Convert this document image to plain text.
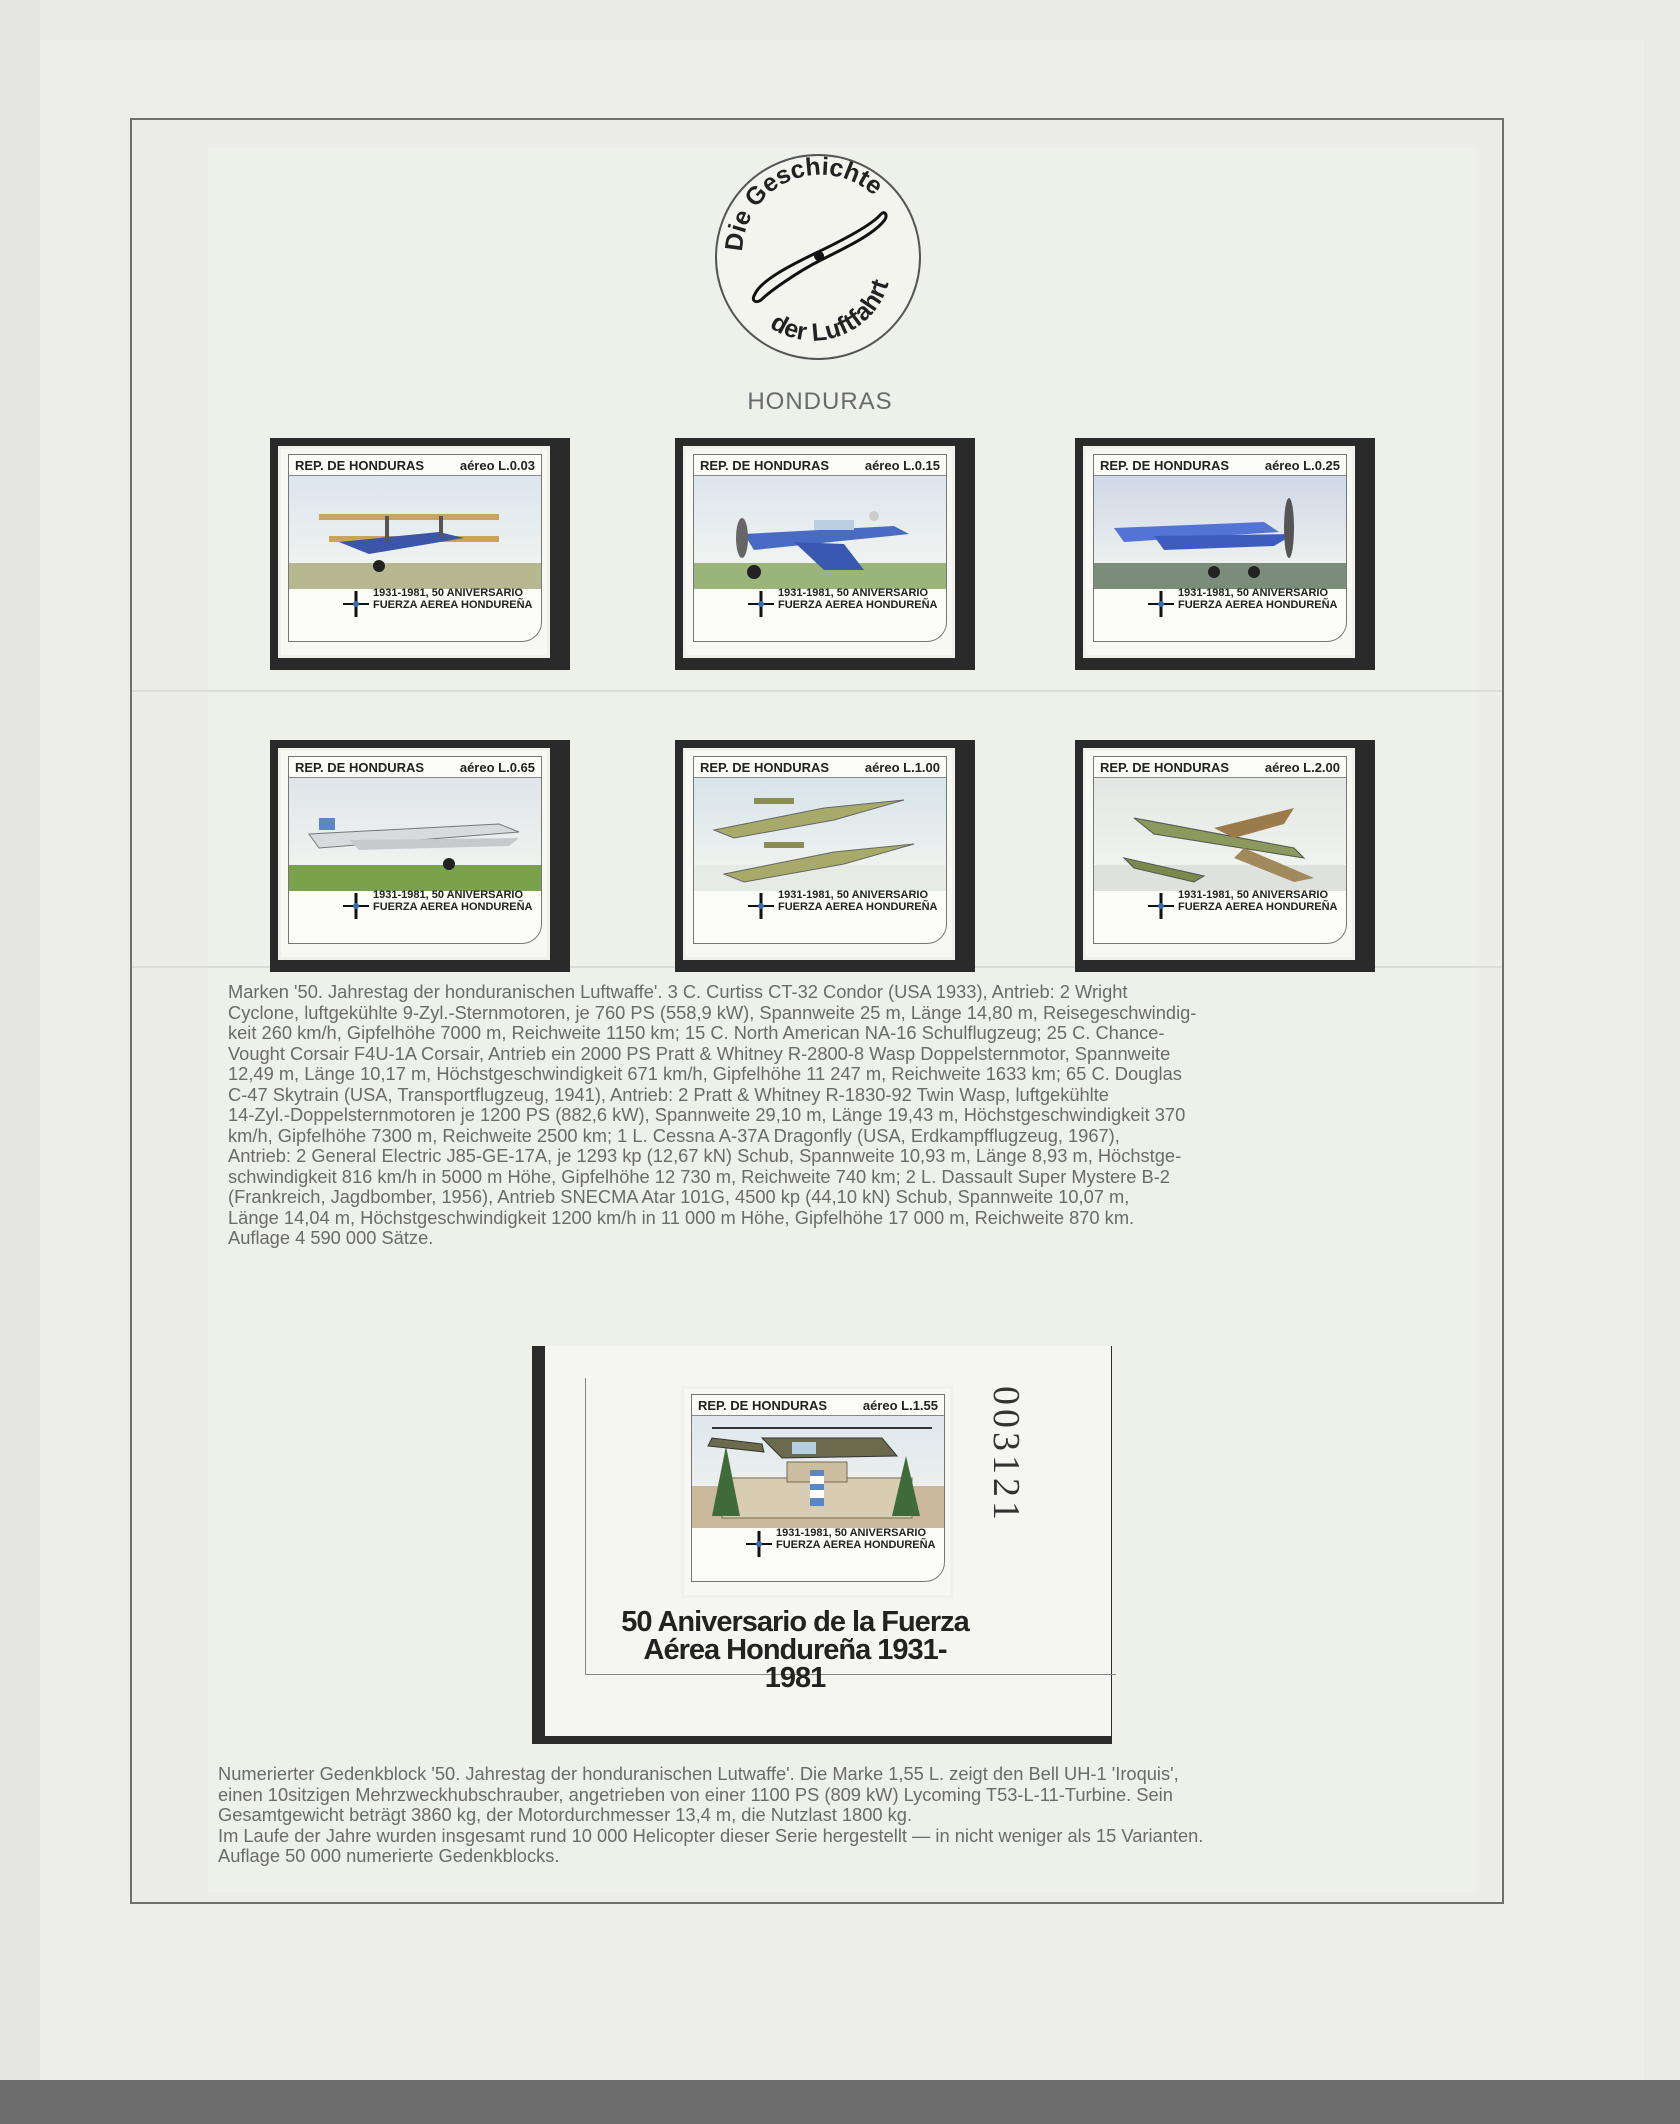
Die Geschichte
der Luftfahrt
HONDURAS
REP. DE HONDURAS	aéreo L.0.03
1931-1981, 50 ANIVERSARIO
FUERZA AEREA HONDUREÑA
REP. DE HONDURAS	aéreo L.0.15
1931-1981, 50 ANIVERSARIO
FUERZA AEREA HONDUREÑA
REP. DE HONDURAS	aéreo L.0.25
1931-1981, 50 ANIVERSARIO
FUERZA AEREA HONDUREÑA
REP. DE HONDURAS	aéreo L.0.65
1931-1981, 50 ANIVERSARIO
FUERZA AEREA HONDUREÑA
REP. DE HONDURAS	aéreo L.1.00
1931-1981, 50 ANIVERSARIO
FUERZA AEREA HONDUREÑA
REP. DE HONDURAS	aéreo L.2.00
1931-1981, 50 ANIVERSARIO
FUERZA AEREA HONDUREÑA
Marken '50. Jahrestag der honduranischen Luftwaffe'. 3 C. Curtiss CT-32 Condor (USA 1933), Antrieb: 2 Wright
Cyclone, luftgekühlte 9-Zyl.-Sternmotoren, je 760 PS (558,9 kW), Spannweite 25 m, Länge 14,80 m, Reisegeschwindig-
keit 260 km/h, Gipfelhöhe 7000 m, Reichweite 1150 km; 15 C. North American NA-16 Schulflugzeug; 25 C. Chance-
Vought Corsair F4U-1A Corsair, Antrieb ein 2000 PS Pratt & Whitney R-2800-8 Wasp Doppelsternmotor, Spannweite
12,49 m, Länge 10,17 m, Höchstgeschwindigkeit 671 km/h, Gipfelhöhe 11 247 m, Reichweite 1633 km; 65 C. Douglas
C-47 Skytrain (USA, Transportflugzeug, 1941), Antrieb: 2 Pratt & Whitney R-1830-92 Twin Wasp, luftgekühlte
14-Zyl.-Doppelsternmotoren je 1200 PS (882,6 kW), Spannweite 29,10 m, Länge 19,43 m, Höchstgeschwindigkeit 370
km/h, Gipfelhöhe 7300 m, Reichweite 2500 km; 1 L. Cessna A-37A Dragonfly (USA, Erdkampfflugzeug, 1967),
Antrieb: 2 General Electric J85-GE-17A, je 1293 kp (12,67 kN) Schub, Spannweite 10,93 m, Länge 8,93 m, Höchstge-
schwindigkeit 816 km/h in 5000 m Höhe, Gipfelhöhe 12 730 m, Reichweite 740 km; 2 L. Dassault Super Mystere B-2
(Frankreich, Jagdbomber, 1956), Antrieb SNECMA Atar 101G, 4500 kp (44,10 kN) Schub, Spannweite 10,07 m,
Länge 14,04 m, Höchstgeschwindigkeit 1200 km/h in 11 000 m Höhe, Gipfelhöhe 17 000 m, Reichweite 870 km.
Auflage 4 590 000 Sätze.
REP. DE HONDURAS	aéreo L.1.55
1931-1981, 50 ANIVERSARIO
FUERZA AEREA HONDUREÑA
003121
50 Aniversario de la Fuerza
Aérea Hondureña 1931-1981
Numerierter Gedenkblock '50. Jahrestag der honduranischen Lutwaffe'. Die Marke 1,55 L. zeigt den Bell UH-1 'Iroquis',
einen 10sitzigen Mehrzweckhubschrauber, angetrieben von einer 1100 PS (809 kW) Lycoming T53-L-11-Turbine. Sein
Gesamtgewicht beträgt 3860 kg, der Motordurchmesser 13,4 m, die Nutzlast 1800 kg.
Im Laufe der Jahre wurden insgesamt rund 10 000 Helicopter dieser Serie hergestellt — in nicht weniger als 15 Varianten.
Auflage 50 000 numerierte Gedenkblocks.
